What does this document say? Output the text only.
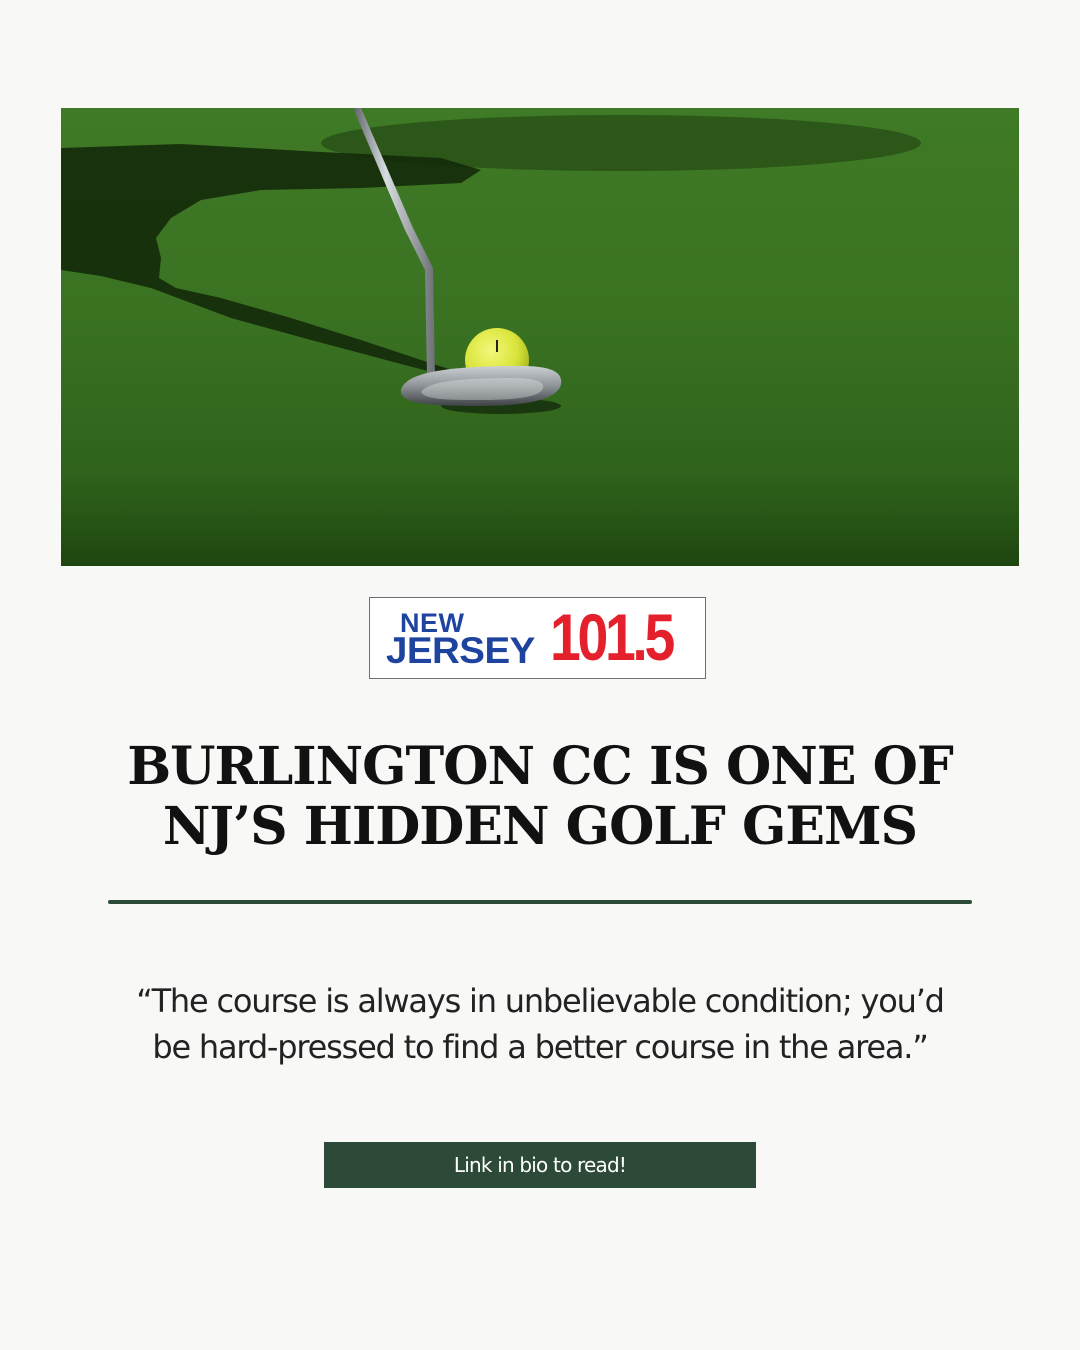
NEW
JERSEY 101.5
BURLINGTON CC IS ONE OF
NJ’S HIDDEN GOLF GEMS

“The course is always in unbelievable condition; you’d
be hard-pressed to find a better course in the area.”

Link in bio to read!
